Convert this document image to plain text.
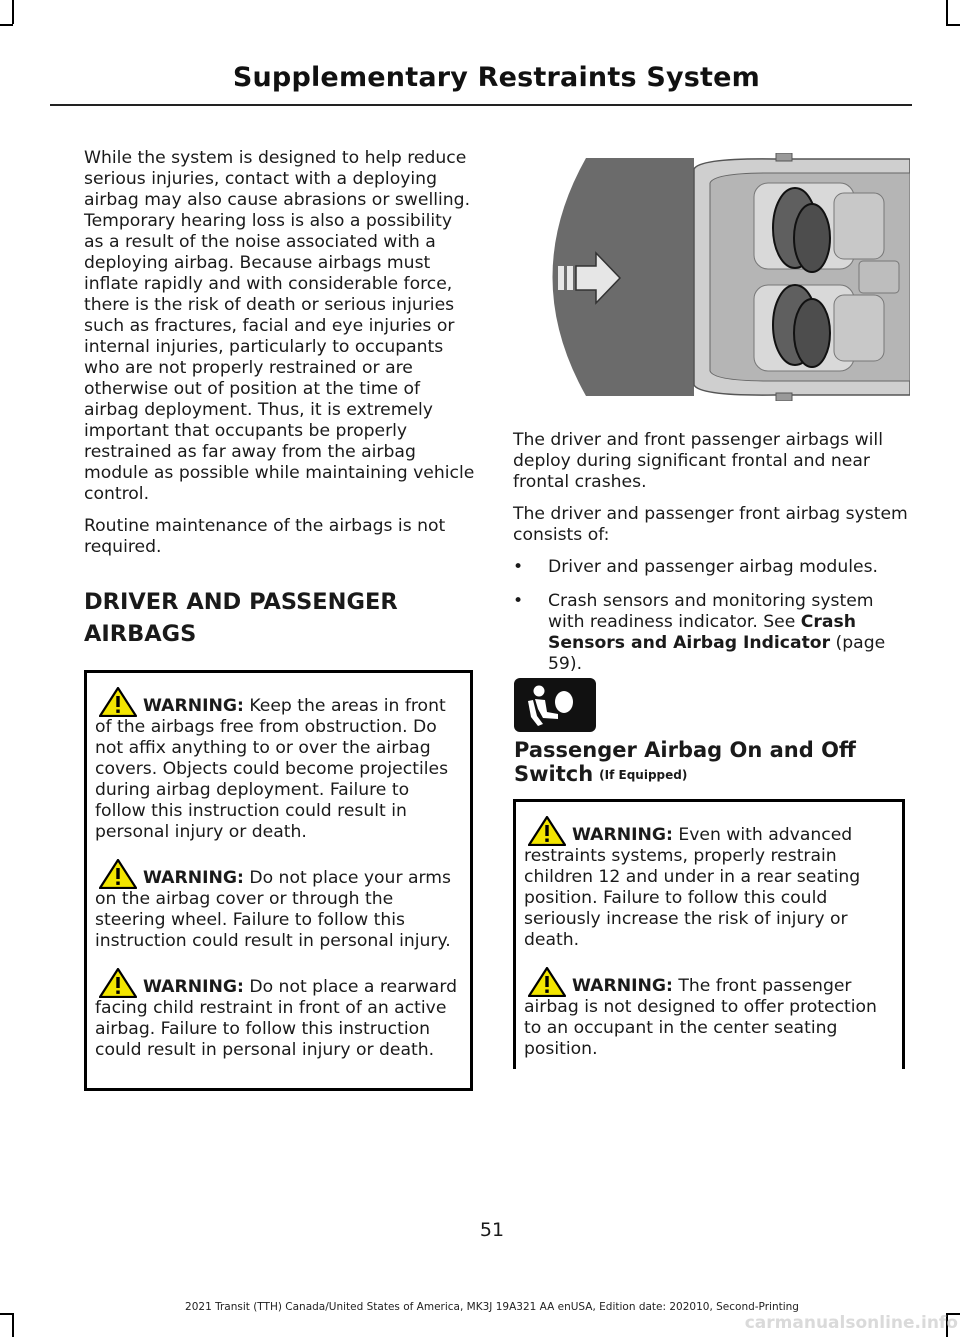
Supplementary Restraints System

While the system is designed to help reduce serious injuries, contact with a deploying airbag may also cause abrasions or swelling. Temporary hearing loss is also a possibility as a result of the noise associated with a deploying airbag. Because airbags must inflate rapidly and with considerable force, there is the risk of death or serious injuries such as fractures, facial and eye injuries or internal injuries, particularly to occupants who are not properly restrained or are otherwise out of position at the time of airbag deployment. Thus, it is extremely important that occupants be properly restrained as far away from the airbag module as possible while maintaining vehicle control.

Routine maintenance of the airbags is not required.

DRIVER AND PASSENGER AIRBAGS
WARNING: Keep the areas in front of the airbags free from obstruction. Do not affix anything to or over the airbag covers. Objects could become projectiles during airbag deployment. Failure to follow this instruction could result in personal injury or death.
WARNING: Do not place your arms on the airbag cover or through the steering wheel. Failure to follow this instruction could result in personal injury.
WARNING: Do not place a rearward facing child restraint in front of an active airbag. Failure to follow this instruction could result in personal injury or death.

The driver and front passenger airbags will deploy during significant frontal and near frontal crashes.

The driver and passenger front airbag system consists of:

• Driver and passenger airbag modules.
• Crash sensors and monitoring system with readiness indicator. See Crash Sensors and Airbag Indicator (page 59).
Passenger Airbag On and Off Switch (If Equipped)
WARNING: Even with advanced restraints systems, properly restrain children 12 and under in a rear seating position. Failure to follow this could seriously increase the risk of injury or death.
WARNING: The front passenger airbag is not designed to offer protection to an occupant in the center seating position.
51
2021 Transit (TTH) Canada/United States of America, MK3J 19A321 AA enUSA, Edition date: 202010, Second-Printing
carmanualsonline.info
